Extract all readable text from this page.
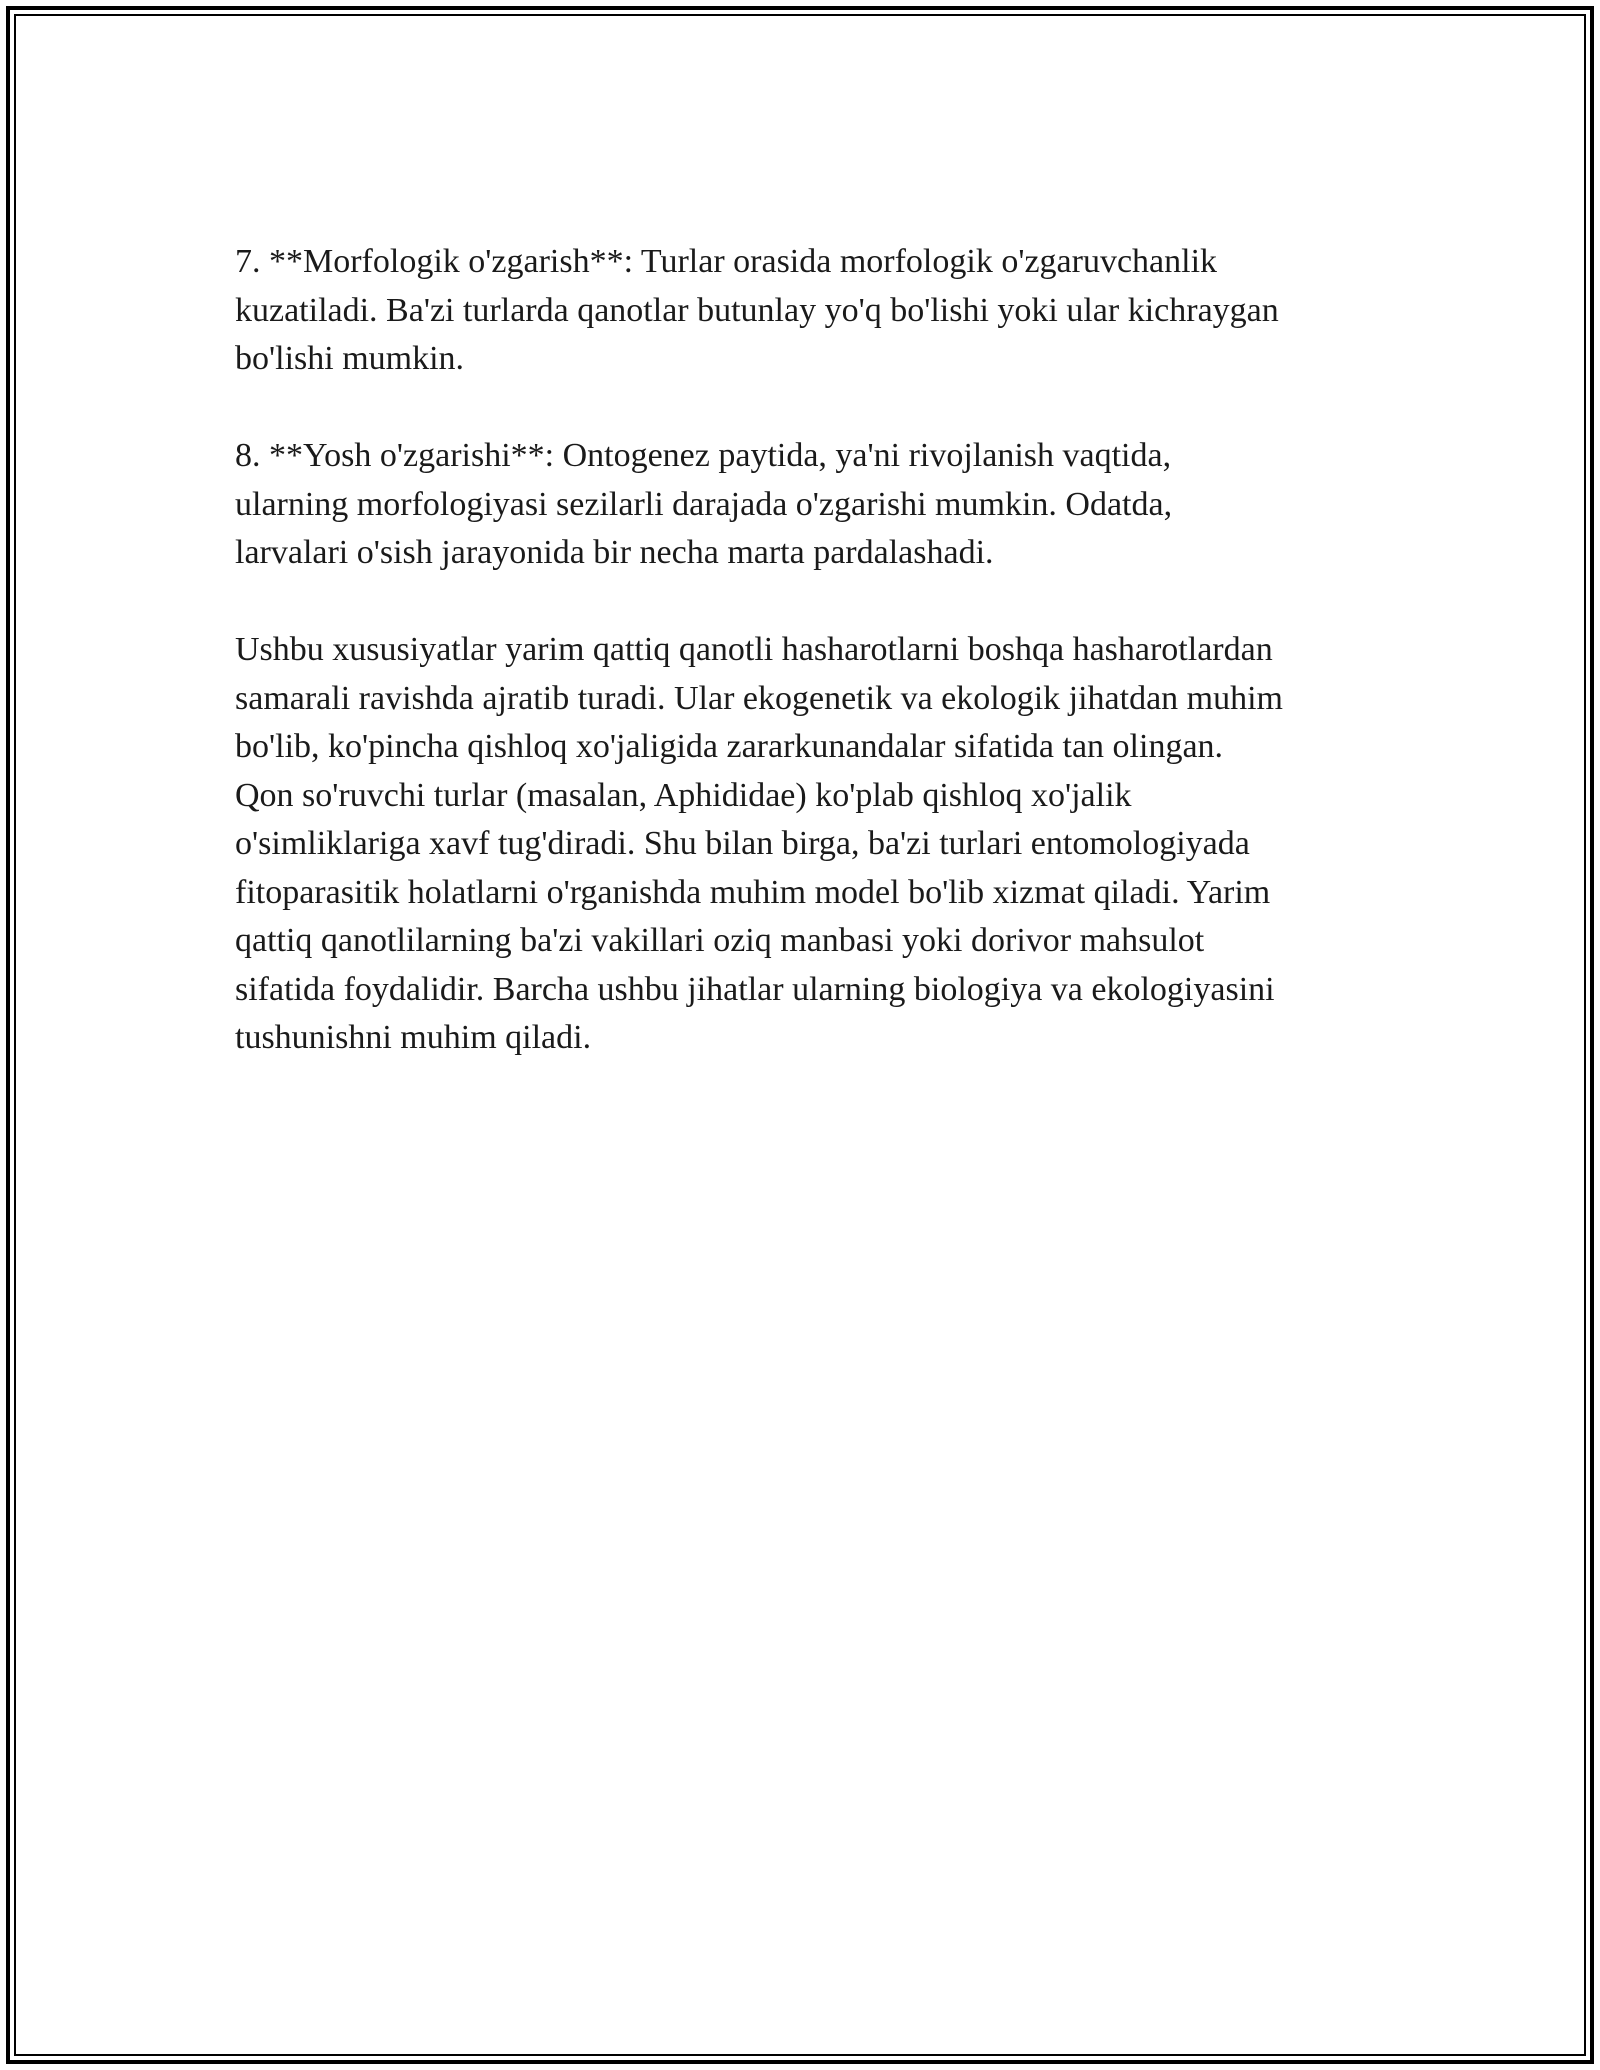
7. **Morfologik o'zgarish**: Turlar orasida morfologik o'zgaruvchanlik
kuzatiladi. Ba'zi turlarda qanotlar butunlay yo'q bo'lishi yoki ular kichraygan
bo'lishi mumkin.

8. **Yosh o'zgarishi**: Ontogenez paytida, ya'ni rivojlanish vaqtida,
ularning morfologiyasi sezilarli darajada o'zgarishi mumkin. Odatda,
larvalari o'sish jarayonida bir necha marta pardalashadi.

Ushbu xususiyatlar yarim qattiq qanotli hasharotlarni boshqa hasharotlardan
samarali ravishda ajratib turadi. Ular ekogenetik va ekologik jihatdan muhim
bo'lib, ko'pincha qishloq xo'jaligida zararkunandalar sifatida tan olingan.
Qon so'ruvchi turlar (masalan, Aphididae) ko'plab qishloq xo'jalik
o'simliklariga xavf tug'diradi. Shu bilan birga, ba'zi turlari entomologiyada
fitoparasitik holatlarni o'rganishda muhim model bo'lib xizmat qiladi. Yarim
qattiq qanotlilarning ba'zi vakillari oziq manbasi yoki dorivor mahsulot
sifatida foydalidir. Barcha ushbu jihatlar ularning biologiya va ekologiyasini
tushunishni muhim qiladi.
